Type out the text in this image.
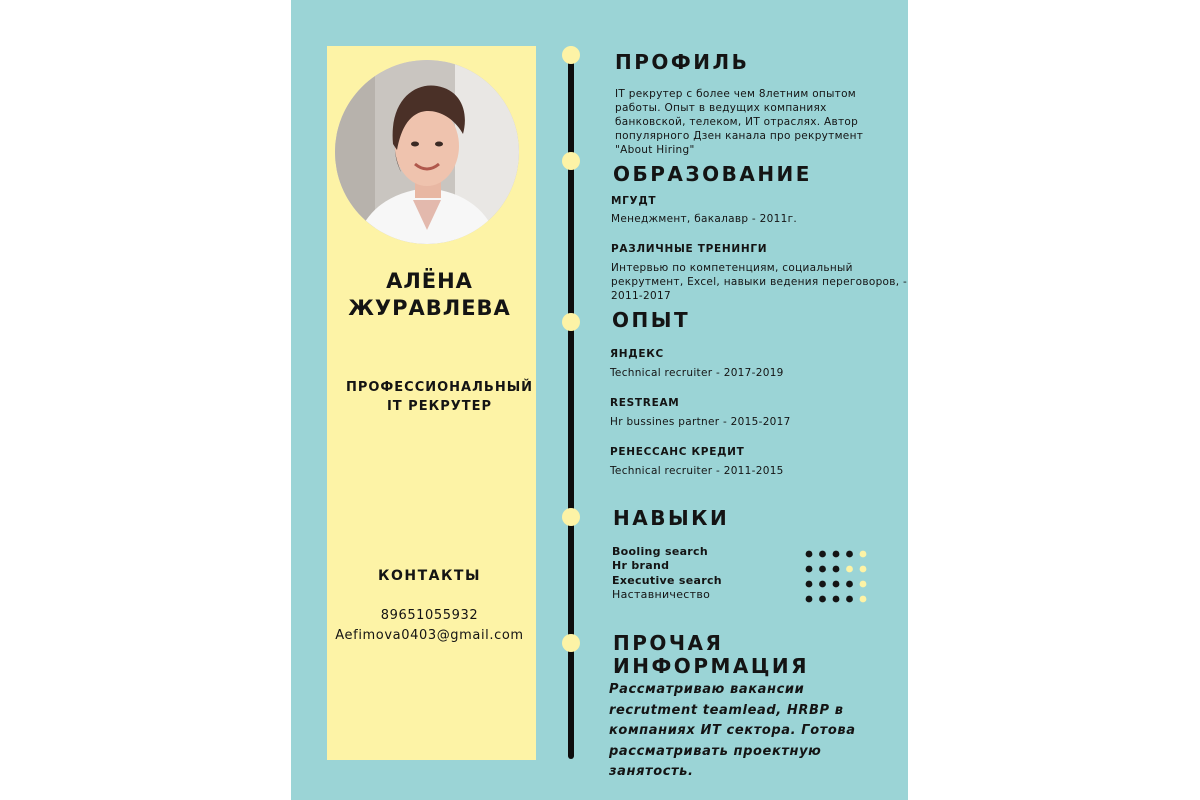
АЛЁНА
ЖУРАВЛЕВА
ПРОФЕССИОНАЛЬНЫЙ
IT РЕКРУТЕР
КОНТАКТЫ
89651055932
Aefimova0403@gmail.com
ПРОФИЛЬ

IT рекрутер с более чем 8летним опытом

работы. Опыт в ведущих компаниях

банковской, телеком, ИТ отраслях. Автор

популярного Дзен канала про рекрутмент

"About Hiring"

ОБРАЗОВАНИЕ

МГУДТ

Менеджмент, бакалавр - 2011г.

РАЗЛИЧНЫЕ ТРЕНИНГИ

Интервью по компетенциям, социальный

рекрутмент, Excel, навыки ведения переговоров, -

2011-2017

ОПЫТ

ЯНДЕКС

Technical recruiter - 2017-2019

RESTREAM

Hr bussines partner - 2015-2017

РЕНЕССАНС КРЕДИТ

Technical recruiter - 2011-2015

НАВЫКИ
Booling search
Hr brand
Executive search
Наставничество
ПРОЧАЯ
ИНФОРМАЦИЯ
Рассматриваю вакансии
recrutment teamlead, HRBP в
компаниях ИТ сектора. Готова
рассматривать проектную
занятость.
